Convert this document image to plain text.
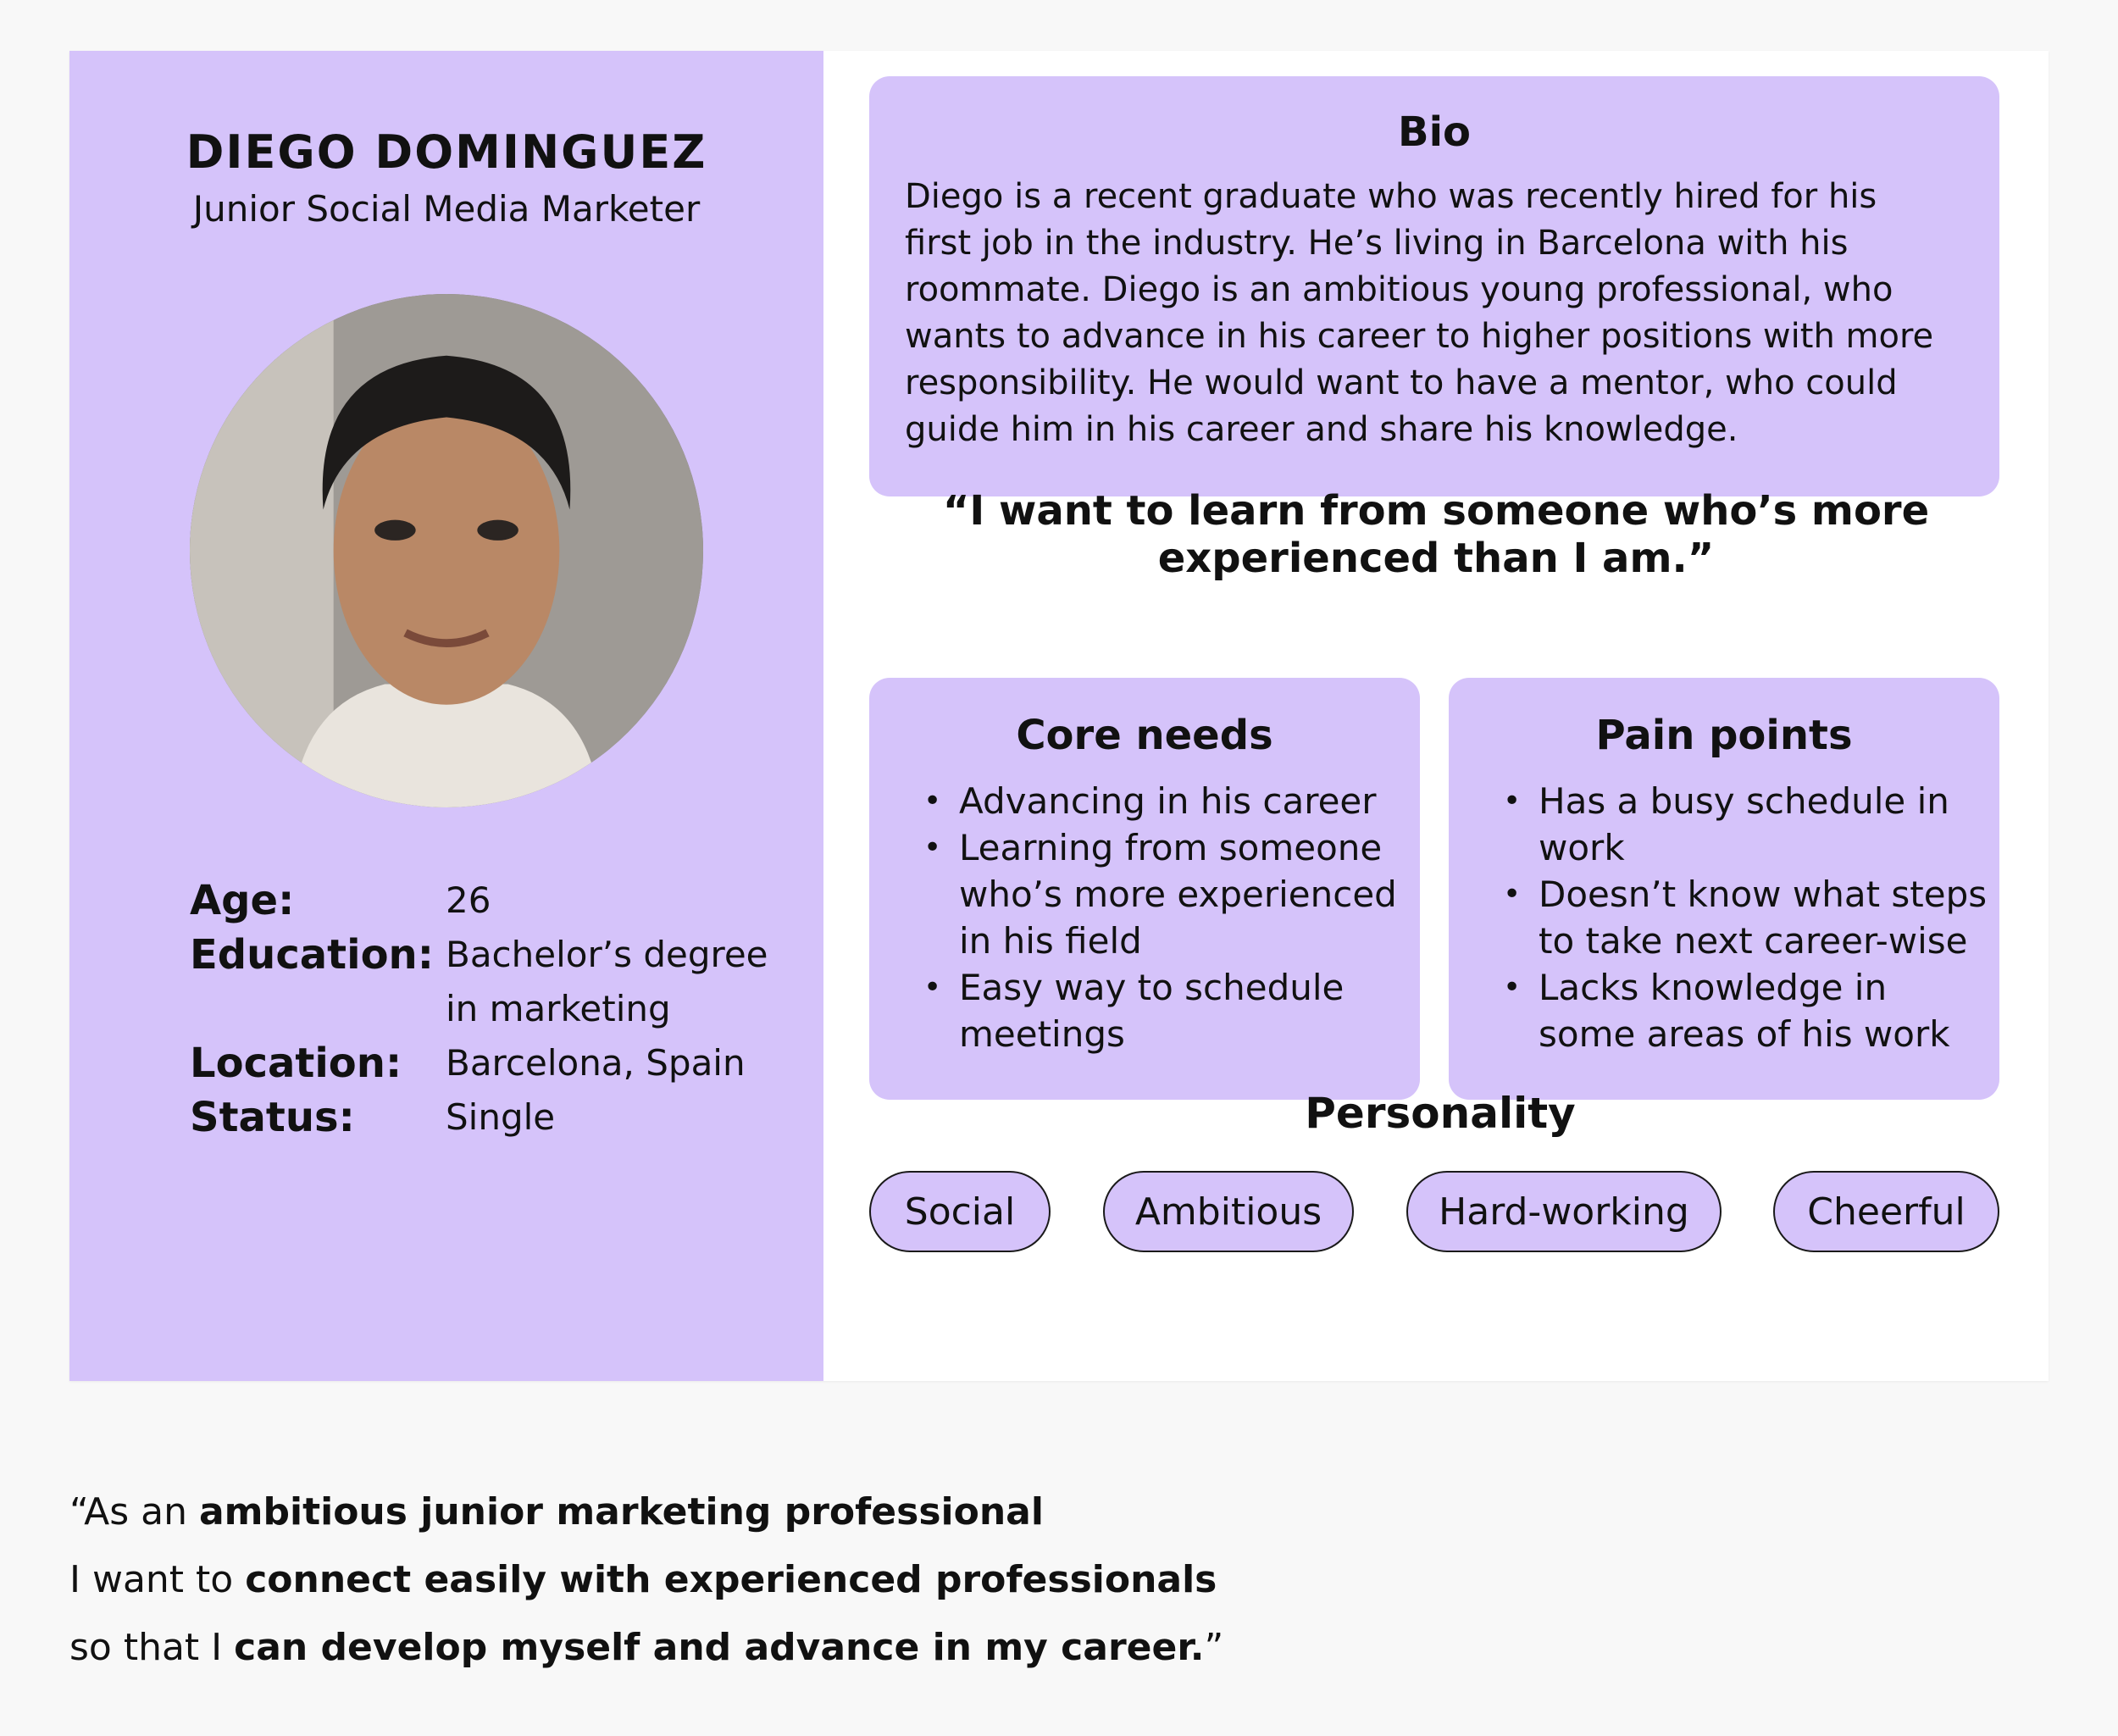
DIEGO DOMINGUEZ
Junior Social Media Marketer
Age:	26
Education: Bachelor’s degree
in marketing
Location: Barcelona, Spain
Status:	Single
Bio
Diego is a recent graduate who was recently hired for his
first job in the industry. He’s living in Barcelona with his
roommate. Diego is an ambitious young professional, who
wants to advance in his career to higher positions with more
responsibility. He would want to have a mentor, who could
guide him in his career and share his knowledge.
“I want to learn from someone who’s more
experienced than I am.”
Core needs
• Advancing in his career
• Learning from someone
who’s more experienced
in his field
• Easy way to schedule
meetings
Pain points
• Has a busy schedule in
work
• Doesn’t know what steps
to take next career-wise
• Lacks knowledge in
some areas of his work
Personality
Social	Ambitious	Hard-working	Cheerful
“As an ambitious junior marketing professional
I want to connect easily with experienced professionals
so that I can develop myself and advance in my career.”
